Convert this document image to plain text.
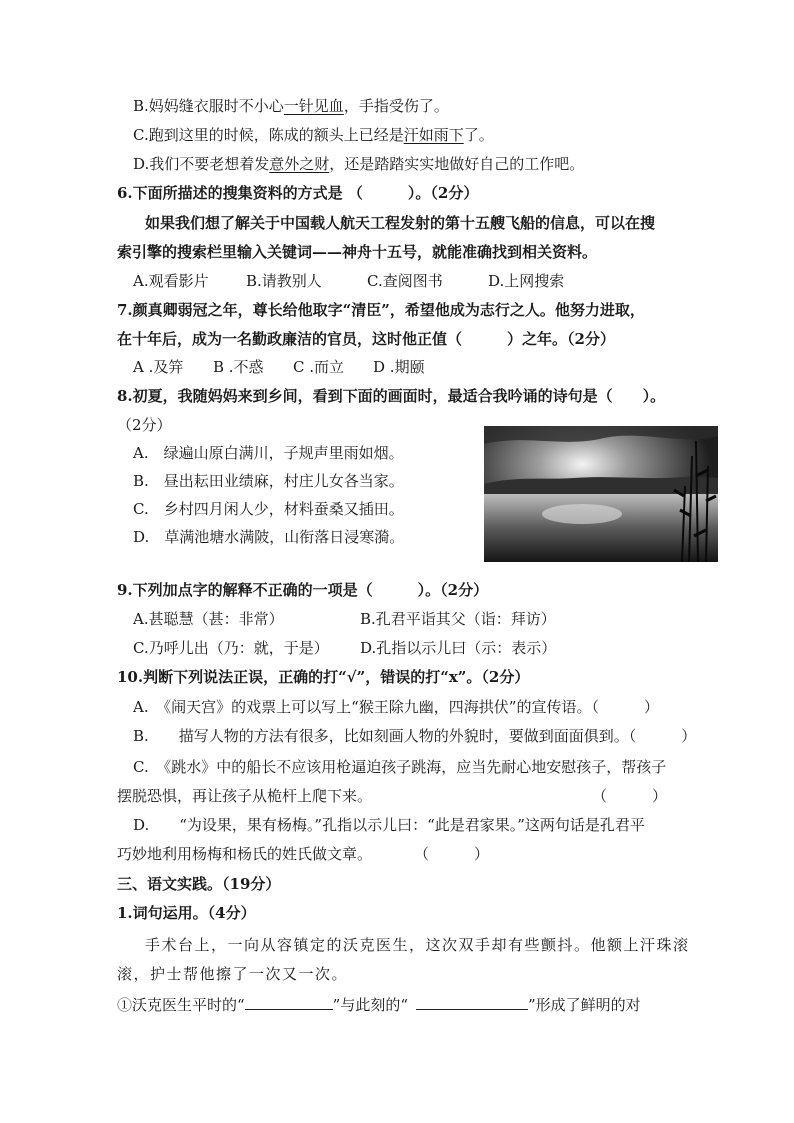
B.妈妈缝衣服时不小心一针见血，手指受伤了。
C.跑到这里的时候，陈成的额头上已经是汗如雨下了。
D.我们不要老想着发意外之财，还是踏踏实实地做好自己的工作吧。
6.下面所描述的搜集资料的方式是 （　　　）。（2分）
如果我们想了解关于中国载人航天工程发射的第十五艘飞船的信息，可以在搜
索引擎的搜索栏里输入关键词——神舟十五号，就能准确找到相关资料。
A.观看影片 B.请教别人	C.查阅图书	D.上网搜索
7.颜真卿弱冠之年，尊长给他取字“清臣”，希望他成为志行之人。他努力进取，
在十年后，成为一名勤政廉洁的官员，这时他正值（　　　）之年。（2分）
A .及笄 B .不惑 C .而立 D .期颐
8.初夏，我随妈妈来到乡间，看到下面的画面时，最适合我吟诵的诗句是（　　）。
（2分）
A.　绿遍山原白满川，子规声里雨如烟。
B.　昼出耘田业绩麻，村庄儿女各当家。
C.　乡村四月闲人少，材料蚕桑又插田。
D.　草满池塘水满陂，山衔落日浸寒漪。
9.下列加点字的解释不正确的一项是（　　　）。（2分）
A.甚聪慧（甚：非常）	B.孔君平诣其父（诣：拜访）
C.乃呼儿出（乃：就，于是） D.孔指以示儿曰（示：表示）
10.判断下列说法正误，正确的打“√”，错误的打“x”。（2分）
A.　《闹天宫》的戏票上可以写上“猴王除九幽，四海拱伏”的宣传语。（　　　）
B.　　描写人物的方法有很多，比如刻画人物的外貌时，要做到面面俱到。（　　　）
C.　《跳水》中的船长不应该用枪逼迫孩子跳海，应当先耐心地安慰孩子，帮孩子
摆脱恐惧，再让孩子从桅杆上爬下来。	（　　　）
D.　　“为设果，果有杨梅。”孔指以示儿曰：“此是君家果。”这两句话是孔君平
巧妙地利用杨梅和杨氏的姓氏做文章。	（　　　）
三、语文实践。（19分）
1.词句运用。（4分）
手术台上，一向从容镇定的沃克医生，这次双手却有些颤抖。他额上汗珠滚
滚，护士帮他擦了一次又一次。
①沃克医生平时的“	”与此刻的“	”形成了鲜明的对
